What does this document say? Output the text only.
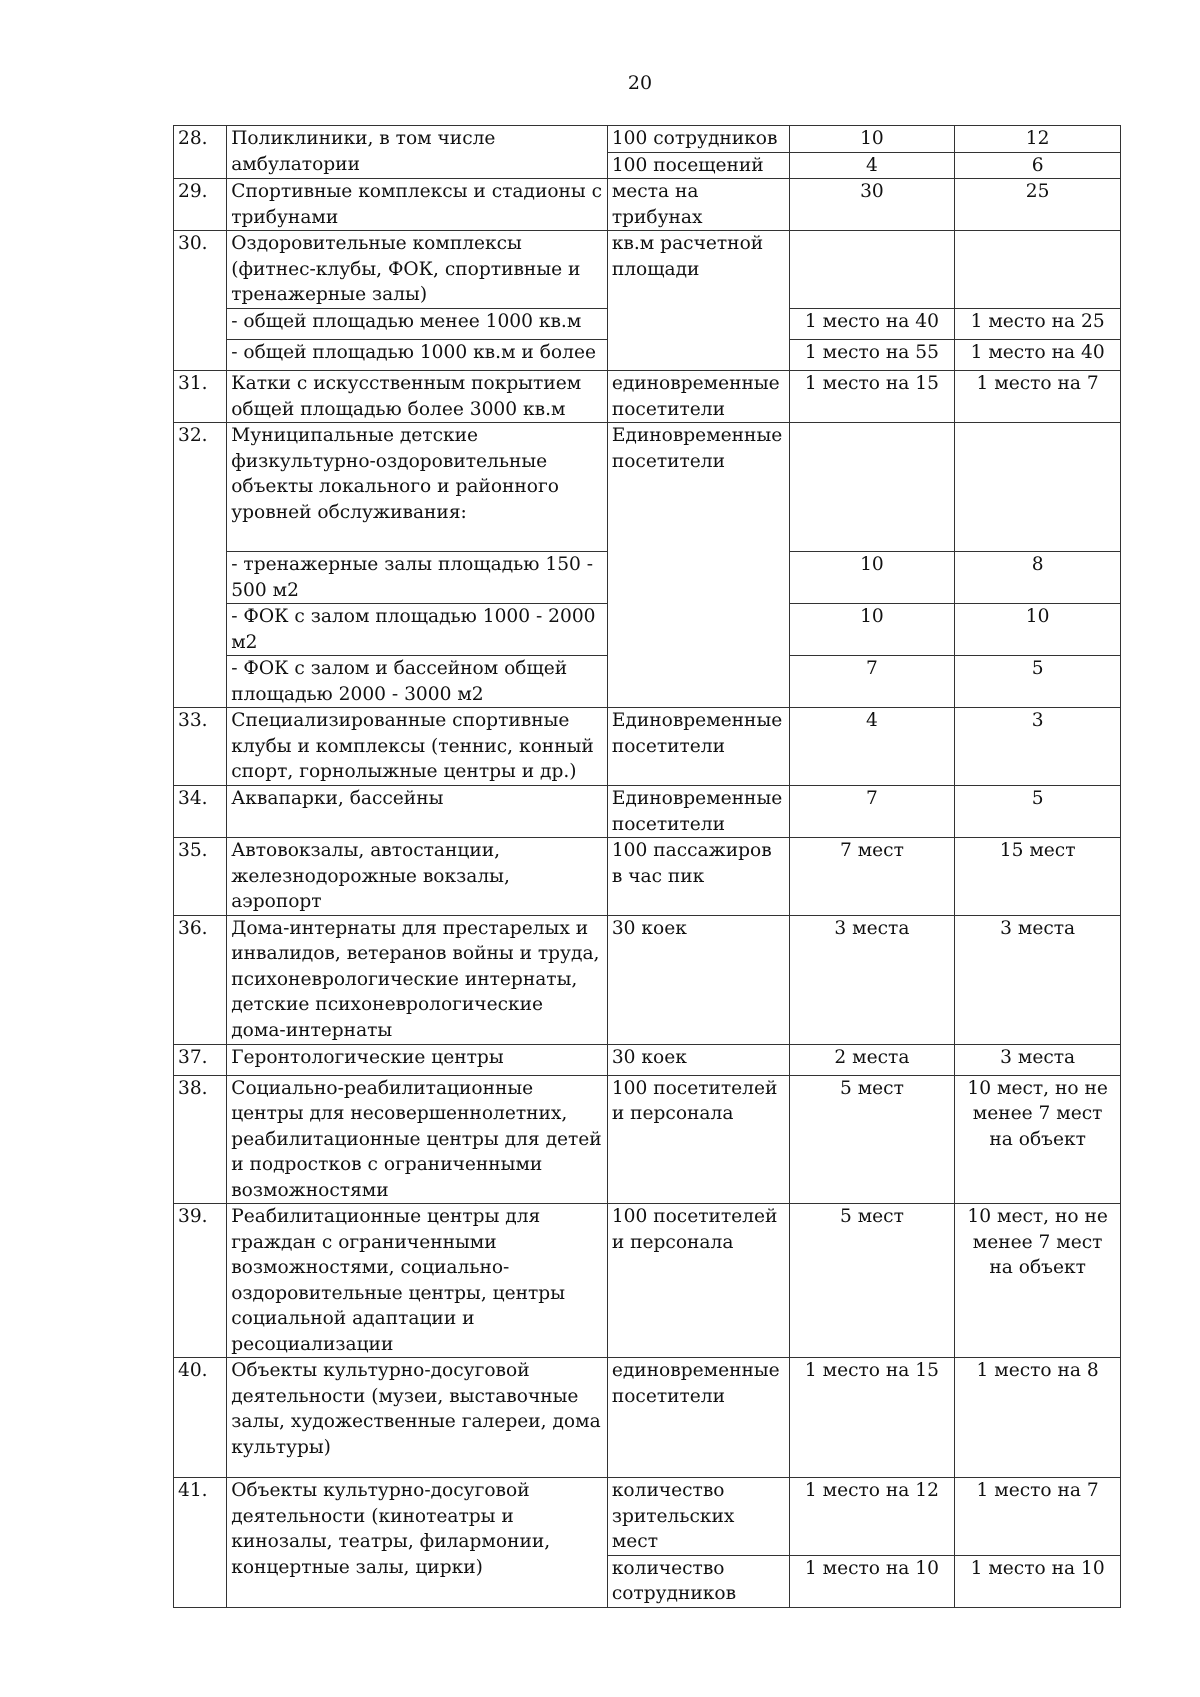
20
28.	Поликлиники, в том числе амбулатории	100 сотрудников	10	12
		100 посещений	4	6
29.	Спортивные комплексы и стадионы с трибунами	места на трибунах	30	25
30.	Оздоровительные комплексы (фитнес-клубы, ФОК, спортивные и тренажерные залы)	кв.м расчетной площади		
	- общей площадью менее 1000 кв.м		1 место на 40	1 место на 25
	- общей площадью 1000 кв.м и более		1 место на 55	1 место на 40
31.	Катки с искусственным покрытием общей площадью более 3000 кв.м	единовременные посетители	1 место на 15	1 место на 7
32.	Муниципальные детские физкультурно-оздоровительные объекты локального и районного уровней обслуживания:	Единовременные посетители		
	- тренажерные залы площадью 150 - 500 м2		10	8
	- ФОК с залом площадью 1000 - 2000 м2		10	10
	- ФОК с залом и бассейном общей площадью 2000 - 3000 м2		7	5
33.	Специализированные спортивные клубы и комплексы (теннис, конный спорт, горнолыжные центры и др.)	Единовременные посетители	4	3
34.	Аквапарки, бассейны	Единовременные посетители	7	5
35.	Автовокзалы, автостанции, железнодорожные вокзалы, аэропорт	100 пассажиров в час пик	7 мест	15 мест
36.	Дома-интернаты для престарелых и инвалидов, ветеранов войны и труда, психоневрологические интернаты, детские психоневрологические дома-интернаты	30 коек	3 места	3 места
37.	Геронтологические центры	30 коек	2 места	3 места
38.	Социально-реабилитационные центры для несовершеннолетних, реабилитационные центры для детей и подростков с ограниченными возможностями	100 посетителей и персонала	5 мест	10 мест, но не менее 7 мест на объект
39.	Реабилитационные центры для граждан с ограниченными возможностями, социально-оздоровительные центры, центры социальной адаптации и ресоциализации	100 посетителей и персонала	5 мест	10 мест, но не менее 7 мест на объект
40.	Объекты культурно-досуговой деятельности (музеи, выставочные залы, художественные галереи, дома культуры)	единовременные посетители	1 место на 15	1 место на 8
41.	Объекты культурно-досуговой деятельности (кинотеатры и кинозалы, театры, филармонии, концертные залы, цирки)	количество зрительских мест	1 место на 12	1 место на 7
		количество сотрудников	1 место на 10	1 место на 10
